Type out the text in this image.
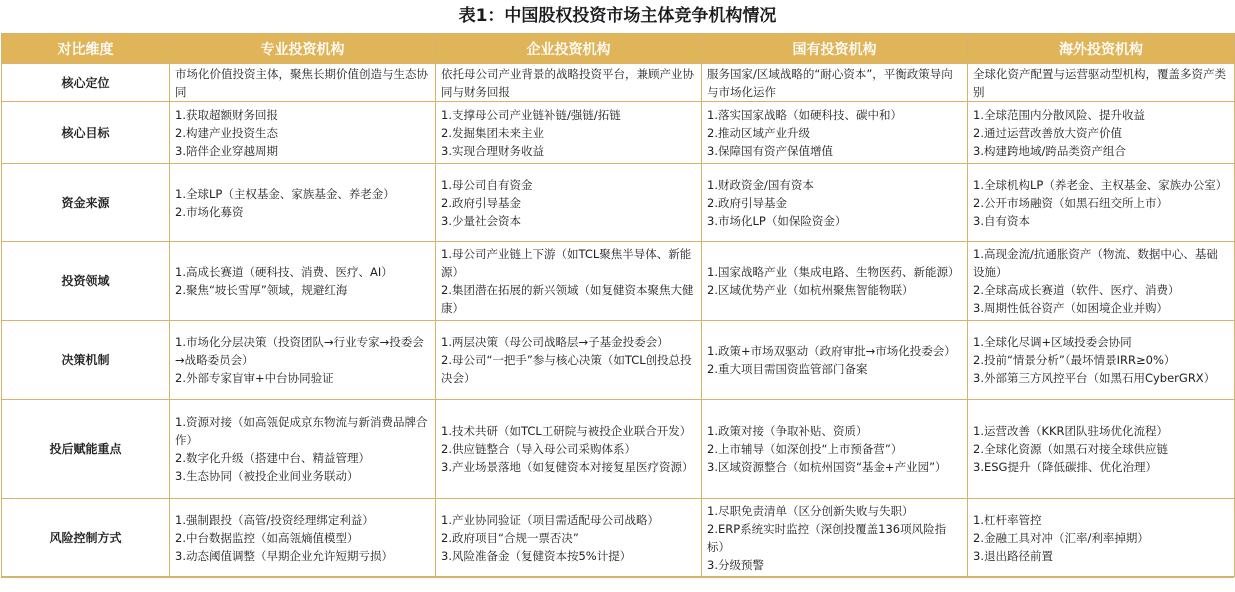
表1：中国股权投资市场主体竞争机构情况
对比维度	专业投资机构	企业投资机构	国有投资机构	海外投资机构
核心定位	市场化价值投资主体，聚焦长期价值创造与生态协同	依托母公司产业背景的战略投资平台，兼顾产业协同与财务回报	服务国家/区域战略的“耐心资本”，平衡政策导向与市场化运作	全球化资产配置与运营驱动型机构，覆盖多资产类别

核心目标	1.获取超额财务回报
2.构建产业投资生态
3.陪伴企业穿越周期	1.支撑母公司产业链补链/强链/拓链
2.发掘集团未来主业
3.实现合理财务收益	1.落实国家战略（如硬科技、碳中和）
2.推动区域产业升级
3.保障国有资产保值增值	1.全球范围内分散风险、提升收益
2.通过运营改善放大资产价值
3.构建跨地域/跨品类资产组合

资金来源	1.全球LP（主权基金、家族基金、养老金）
2.市场化募资	1.母公司自有资金
2.政府引导基金
3.少量社会资本	1.财政资金/国有资本
2.政府引导基金
3.市场化LP（如保险资金）	1.全球机构LP（养老金、主权基金、家族办公室）
2.公开市场融资（如黑石纽交所上市）
3.自有资本

投资领域	1.高成长赛道（硬科技、消费、医疗、AI）
2.聚焦“坡长雪厚”领域，规避红海	1.母公司产业链上下游（如TCL聚焦半导体、新能源）
2.集团潜在拓展的新兴领域（如复健资本聚焦大健康）	1.国家战略产业（集成电路、生物医药、新能源）
2.区域优势产业（如杭州聚焦智能物联）	1.高现金流/抗通胀资产（物流、数据中心、基础设施）
2.全球高成长赛道（软件、医疗、消费）
3.周期性低谷资产（如困境企业并购）

决策机制	1.市场化分层决策（投资团队→行业专家→投委会→战略委员会）
2.外部专家盲审+中台协同验证	1.两层决策（母公司战略层→子基金投委会）
2.母公司“一把手”参与核心决策（如TCL创投总投决会）	1.政策+市场双驱动（政府审批→市场化投委会）
2.重大项目需国资监管部门备案	1.全球化尽调+区域投委会协同
2.投前“情景分析”（最坏情景IRR≥0%）
3.外部第三方风控平台（如黑石用CyberGRX）

投后赋能重点	1.资源对接（如高瓴促成京东物流与新消费品牌合作）
2.数字化升级（搭建中台、精益管理）
3.生态协同（被投企业间业务联动）	1.技术共研（如TCL工研院与被投企业联合开发）
2.供应链整合（导入母公司采购体系）
3.产业场景落地（如复健资本对接复星医疗资源）	1.政策对接（争取补贴、资质）
2.上市辅导（如深创投“上市预备营”）
3.区域资源整合（如杭州国资“基金+产业园”）	1.运营改善（KKR团队驻场优化流程）
2.全球化资源（如黑石对接全球供应链
3.ESG提升（降低碳排、优化治理）

风险控制方式	1.强制跟投（高管/投资经理绑定利益）
2.中台数据监控（如高瓴熵值模型）
3.动态阈值调整（早期企业允许短期亏损）	1.产业协同验证（项目需适配母公司战略）
2.政府项目“合规一票否决”
3.风险准备金（复健资本按5%计提）	1.尽职免责清单（区分创新失败与失职）
2.ERP系统实时监控（深创投覆盖136项风险指标）
3.分级预警	1.杠杆率管控
2.金融工具对冲（汇率/利率掉期）
3.退出路径前置
